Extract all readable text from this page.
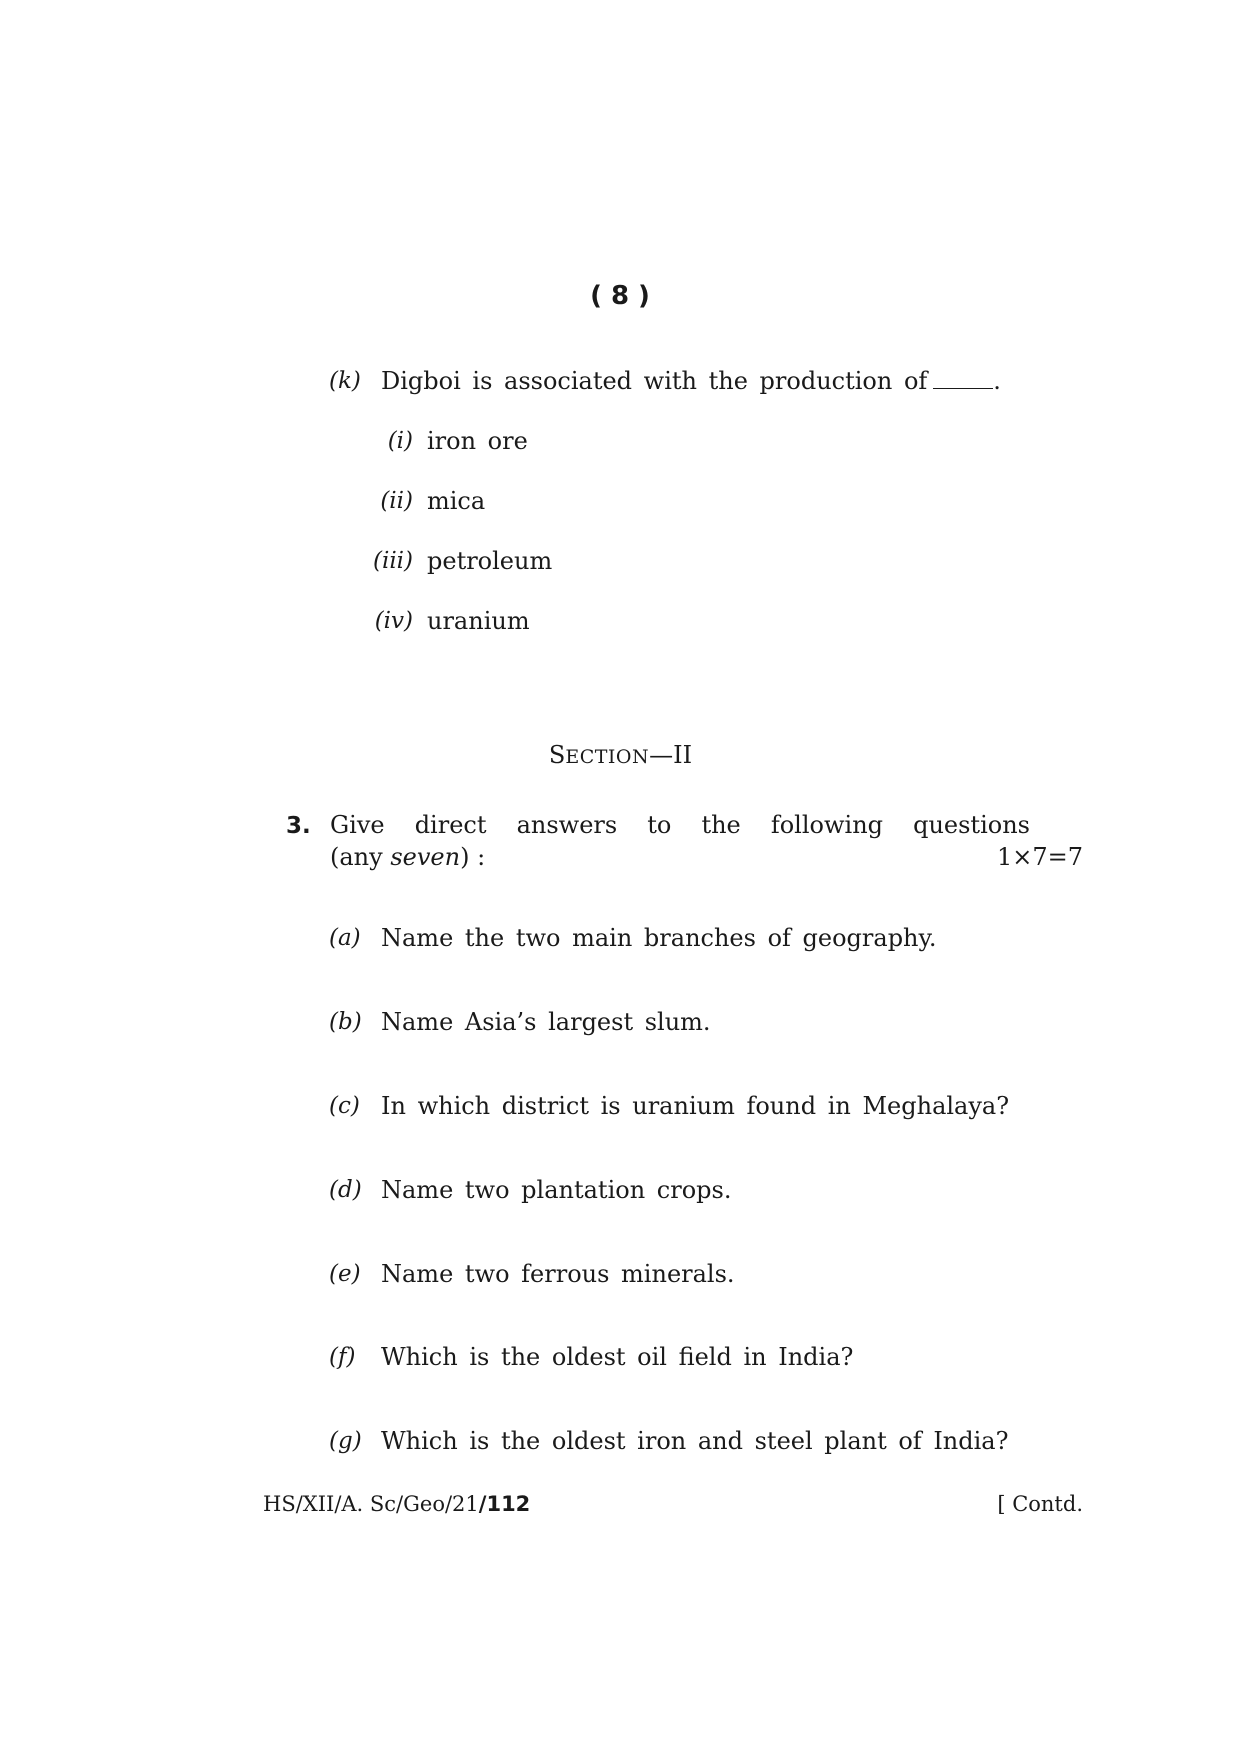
( 8 )
(k) Digboi is associated with the production of	.
(i) iron ore
(ii) mica
(iii) petroleum
(iv) uranium
SECTION—II
3. Give direct answers to the following questions
(any seven) :	1×7=7
(a) Name the two main branches of geography.
(b) Name Asia’s largest slum.
(c) In which district is uranium found in Meghalaya?
(d) Name two plantation crops.
(e) Name two ferrous minerals.
(f) Which is the oldest oil field in India?
(g) Which is the oldest iron and steel plant of India?
HS/XII/A. Sc/Geo/21/112	[ Contd.
